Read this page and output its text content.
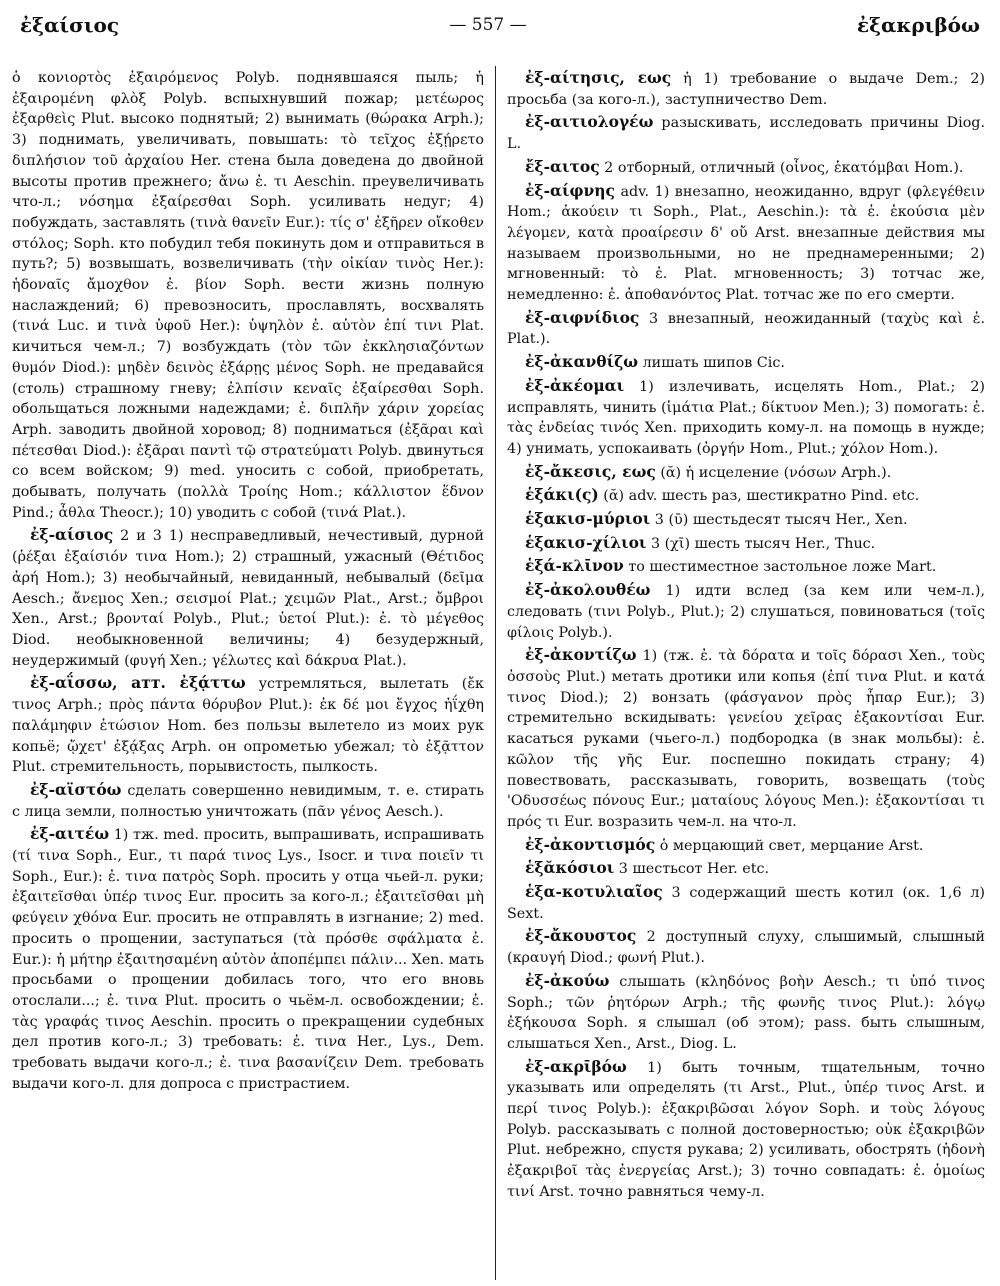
ἐξαίσιος	— 557 —	ἐξακριβόω

ὁ κονιορτὸς ἐξαιρόμενος Polyb. поднявшаяся пыль; ἡ ἐξαιρομένη φλὸξ Polyb. вспыхнувший пожар; μετέωρος ἐξαρθεὶς Plut. высоко поднятый; 2) вынимать (θώρακα Arph.); 3) поднимать, увеличивать, повышать: τὸ τεῖχος ἐξῄρετο διπλήσιον τοῦ ἀρχαίου Her. стена была доведена до двойной высоты против прежнего; ἄνω ἐ. τι Aeschin. преувеличивать что-л.; νόσημα ἐξαίρεσθαι Soph. усиливать недуг; 4) побуждать, заставлять (τινὰ θανεῖν Eur.): τίς σ' ἐξῆρεν οἴκοθεν στόλος; Soph. кто побудил тебя покинуть дом и отправиться в путь?; 5) возвышать, возвеличивать (τὴν οἰκίαν τινὸς Her.): ἡδοναῖς ἄμοχθον ἐ. βίον Soph. вести жизнь полную наслаждений; 6) превозносить, прославлять, восхвалять (τινά Luc. и τινὰ ὑφοῦ Her.): ὑψηλὸν ἐ. αὑτὸν ἐπί τινι Plat. кичиться чем-л.; 7) возбуждать (τὸν τῶν ἐκκλησιαζόντων θυμόν Diod.): μηδὲν δεινὸς ἐξάρῃς μένος Soph. не предавайся (столь) страшному гневу; ἐλπίσιν κεναῖς ἐξαίρεσθαι Soph. обольщаться ложными надеждами; ἐ. διπλῆν χάριν χορείας Arph. заводить двойной хоровод; 8) подниматься (ἐξᾶραι καὶ πέτεσθαι Diod.): ἐξᾶραι παντὶ τῷ στρατεύματι Polyb. двинуться со всем войском; 9) med. уносить с собой, приобретать, добывать, получать (πολλὰ Τροίης Hom.; κάλλιστον ἕδνον Pind.; ἆθλα Theocr.); 10) уводить с собой (τινά Plat.).

ἐξ-αίσιος 2 и 3 1) несправедливый, нечестивый, дурной (ῥέξαι ἐξαίσιόν τινα Hom.); 2) страшный, ужасный (Θέτιδος ἀρή Hom.); 3) необычайный, невиданный, небывалый (δεῖμα Aesch.; ἄνεμος Xen.; σεισμοί Plat.; χειμῶν Plat., Arst.; ὄμβροι Xen., Arst.; βρονταί Polyb., Plut.; ὑετοί Plut.): ἐ. τὸ μέγεθος Diod. необыкновенной величины; 4) безудержный, неудержимый (φυγή Xen.; γέλωτες καὶ δάκρυα Plat.).

ἐξ-αΐσσω, атт. ἐξᾴττω устремляться, вылетать (ἔκ τινος Arph.; πρὸς πάντα θόρυβον Plut.): ἐκ δέ μοι ἔγχος ἠΐχθη παλάμηφιν ἐτώσιον Hom. без пользы вылетело из моих рук копьё; ᾤχετ' ἐξᾴξας Arph. он опрометью убежал; τὸ ἐξᾷττον Plut. стремительность, порывистость, пылкость.

ἐξ-αϊστόω сделать совершенно невидимым, т. е. стирать с лица земли, полностью уничтожать (πᾶν γένος Aesch.).

ἐξ-αιτέω 1) тж. med. просить, выпрашивать, испрашивать (τί τινα Soph., Eur., τι παρά τινος Lys., Isocr. и τινα ποιεῖν τι Soph., Eur.): ἐ. τινα πατρὸς Soph. просить у отца чьей-л. руки; ἐξαιτεῖσθαι ὑπέρ τινος Eur. просить за кого-л.; ἐξαιτεῖσθαι μὴ φεύγειν χθόνα Eur. просить не отправлять в изгнание; 2) med. просить о прощении, заступаться (τὰ πρόσθε σφάλματα ἐ. Eur.): ἡ μήτηρ ἐξαιτησαμένη αὐτὸν ἀποπέμπει πάλιν... Xen. мать просьбами о прощении добилась того, что его вновь отослали...; ἐ. τινα Plut. просить о чьём-л. освобождении; ἐ. τὰς γραφάς τινος Aeschin. просить о прекращении судебных дел против кого-л.; 3) требовать: ἐ. τινα Her., Lys., Dem. требовать выдачи кого-л.; ἐ. τινα βασανίζειν Dem. требовать выдачи кого-л. для допроса с пристрастием.

ἐξ-αίτησις, εως ἡ 1) требование о выдаче Dem.; 2) просьба (за кого-л.), заступничество Dem.

ἐξ-αιτιολογέω разыскивать, исследовать причины Diog. L.

ἔξ-αιτος 2 отборный, отличный (οἶνος, ἑκατόμβαι Hom.).

ἐξ-αίφνης adv. 1) внезапно, неожиданно, вдруг (φλεγέθειν Hom.; ἀκούειν τι Soph., Plat., Aeschin.): τὰ ἐ. ἑκούσια μὲν λέγομεν, κατὰ προαίρεσιν δ' οὔ Arst. внезапные действия мы называем произвольными, но не преднамеренными; 2) мгновенный: τὸ ἐ. Plat. мгновенность; 3) тотчас же, немедленно: ἐ. ἀποθανόντος Plat. тотчас же по его смерти.

ἐξ-αιφνίδιος 3 внезапный, неожиданный (ταχὺς καὶ ἐ. Plat.).

ἐξ-ἀκανθίζω лишать шипов Cic.

ἐξ-ἀκέομαι 1) излечивать, исцелять Hom., Plat.; 2) исправлять, чинить (ἱμάτια Plat.; δίκτυον Men.); 3) помогать: ἐ. τὰς ἐνδείας τινός Xen. приходить кому-л. на помощь в нужде; 4) унимать, успокаивать (ὀργήν Hom., Plut.; χόλον Hom.).

ἐξ-ἄκεσις, εως (ᾰ) ἡ исцеление (νόσων Arph.).

ἑξάκι(ς) (ᾰ) adv. шесть раз, шестикратно Pind. etc.

ἑξακισ-μύριοι 3 (ῡ) шестьдесят тысяч Her., Xen.

ἑξακισ-χίλιοι 3 (χῑ) шесть тысяч Her., Thuc.

ἑξά-κλῑνον то шестиместное застольное ложе Mart.

ἐξ-ἀκολουθέω 1) идти вслед (за кем или чем-л.), следовать (τινι Polyb., Plut.); 2) слушаться, повиноваться (τοῖς φίλοις Polyb.).

ἐξ-ἀκοντίζω 1) (тж. ἐ. τὰ δόρατα и τοῖς δόρασι Xen., τοὺς ὀσσοὺς Plut.) метать дротики или копья (ἐπί τινα Plut. и κατά τινος Diod.); 2) вонзать (φάσγανον πρὸς ἧπαρ Eur.); 3) стремительно вскидывать: γενείου χεῖρας ἐξακοντίσαι Eur. касаться руками (чьего-л.) подбородка (в знак мольбы): ἐ. κῶλον τῆς γῆς Eur. поспешно покидать страну; 4) повествовать, рассказывать, говорить, возвещать (τοὺς 'Οδυσσέως πόνους Eur.; ματαίους λόγους Men.): ἐξακοντίσαι τι πρός τι Eur. возразить чем-л. на что-л.

ἐξ-ἀκοντισμός ὁ мерцающий свет, мерцание Arst.

ἑξᾰκόσιοι 3 шестьсот Her. etc.

ἑξα-κοτυλιαῖος 3 содержащий шесть котил (ок. 1,6 л) Sext.

ἐξ-ἄκουστος 2 доступный слуху, слышимый, слышный (κραυγή Diod.; φωνή Plut.).

ἐξ-ἀκούω слышать (κληδόνος βοὴν Aesch.; τι ὑπό τινος Soph.; τῶν ῥητόρων Arph.; τῆς φωνῆς τινος Plut.): λόγῳ ἐξήκουσα Soph. я слышал (об этом); pass. быть слышным, слышаться Xen., Arst., Diog. L.

ἐξ-ακρῑβόω 1) быть точным, тщательным, точно указывать или определять (τι Arst., Plut., ὑπέρ τινος Arst. и περί τινος Polyb.): ἐξακριβῶσαι λόγον Soph. и τοὺς λόγους Polyb. рассказывать с полной достоверностью; οὐκ ἐξακριβῶν Plut. небрежно, спустя рукава; 2) усиливать, обострять (ἡδονὴ ἐξακριβοῖ τὰς ἐνεργείας Arst.); 3) точно совпадать: ἐ. ὁμοίως τινί Arst. точно равняться чему-л.
